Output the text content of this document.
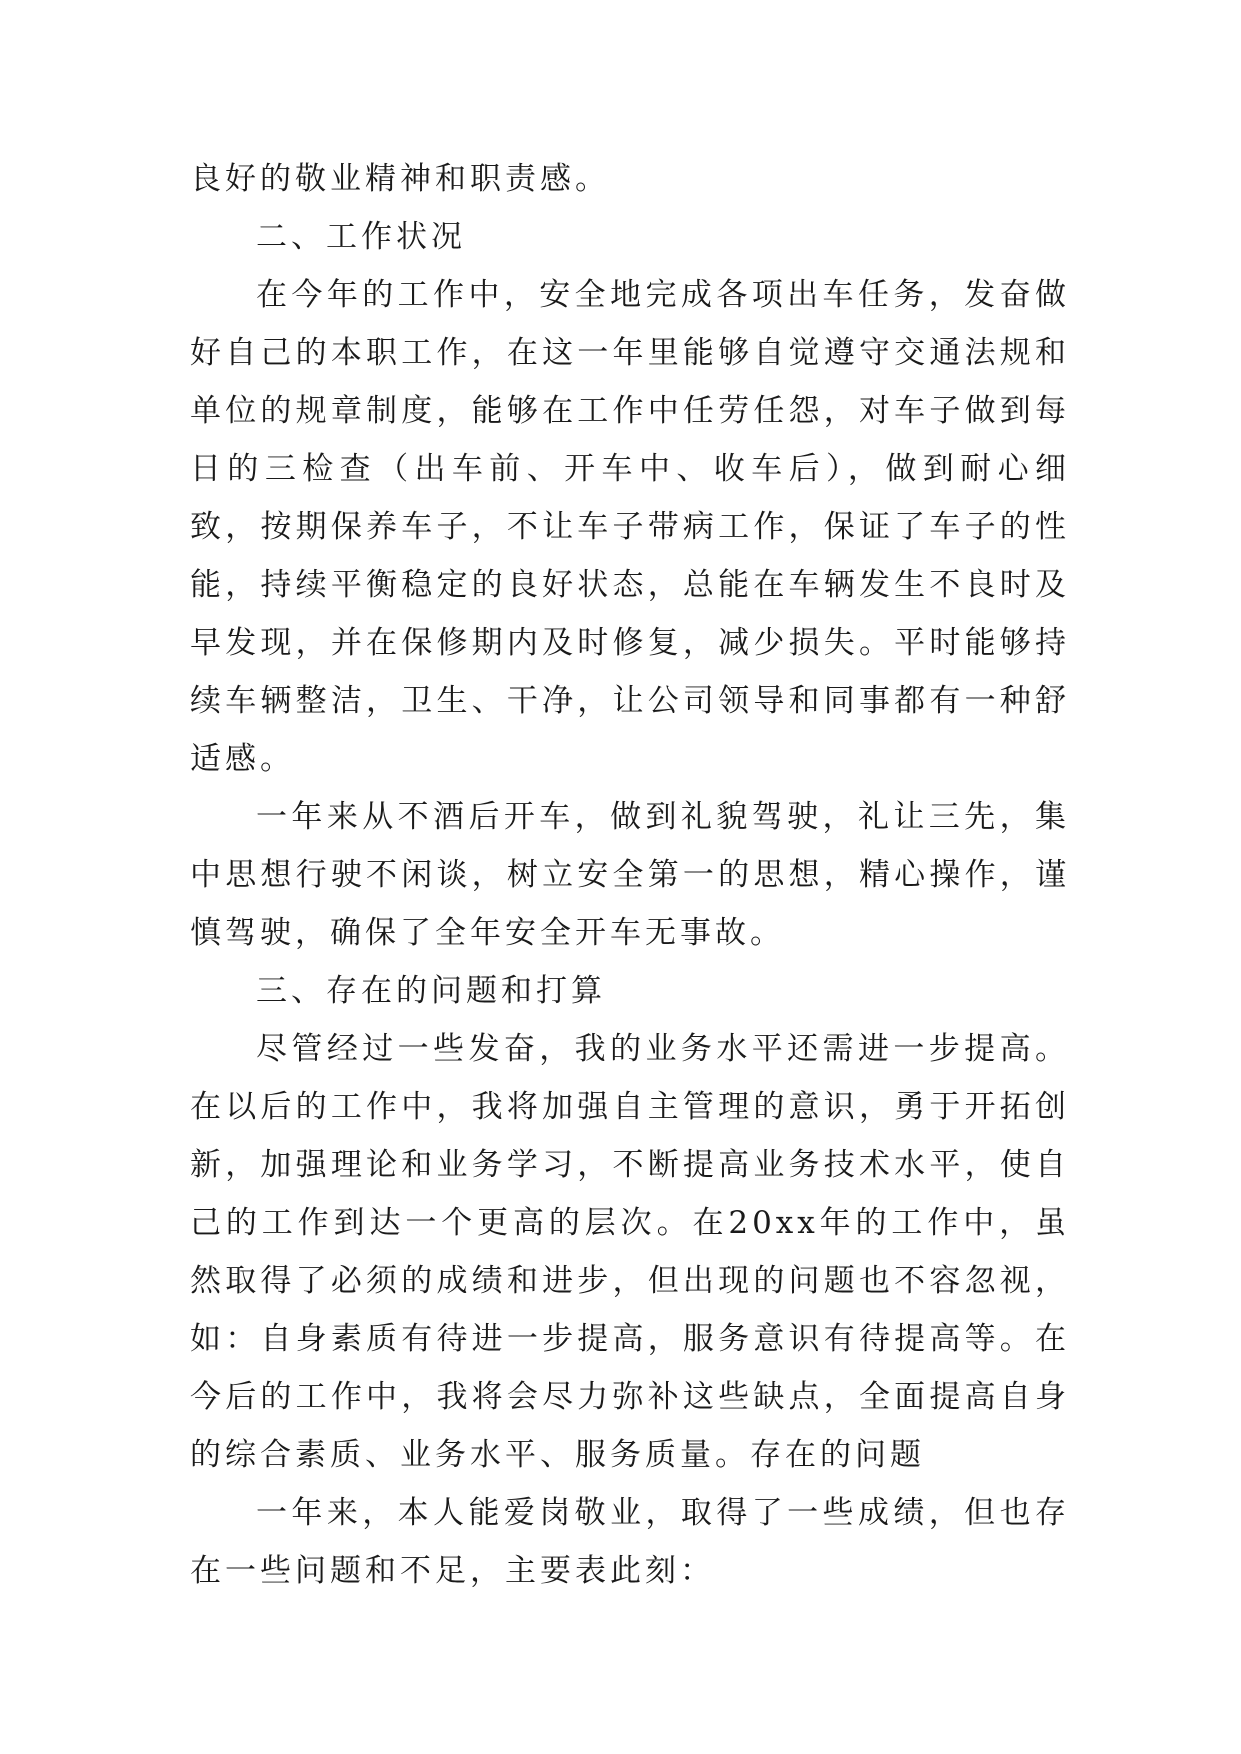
良好的敬业精神和职责感。

二、工作状况

在今年的工作中，安全地完成各项出车任务，发奋做好自己的本职工作，在这一年里能够自觉遵守交通法规和单位的规章制度，能够在工作中任劳任怨，对车子做到每日的三检查（出车前、开车中、收车后），做到耐心细致，按期保养车子，不让车子带病工作，保证了车子的性能，持续平衡稳定的良好状态，总能在车辆发生不良时及早发现，并在保修期内及时修复，减少损失。平时能够持续车辆整洁，卫生、干净，让公司领导和同事都有一种舒适感。

一年来从不酒后开车，做到礼貌驾驶，礼让三先，集中思想行驶不闲谈，树立安全第一的思想，精心操作，谨慎驾驶，确保了全年安全开车无事故。

三、存在的问题和打算

尽管经过一些发奋，我的业务水平还需进一步提高。在以后的工作中，我将加强自主管理的意识，勇于开拓创新，加强理论和业务学习，不断提高业务技术水平，使自己的工作到达一个更高的层次。在20xx年的工作中，虽然取得了必须的成绩和进步，但出现的问题也不容忽视，如：自身素质有待进一步提高，服务意识有待提高等。在今后的工作中，我将会尽力弥补这些缺点，全面提高自身的综合素质、业务水平、服务质量。存在的问题

一年来，本人能爱岗敬业，取得了一些成绩，但也存在一些问题和不足，主要表此刻：
